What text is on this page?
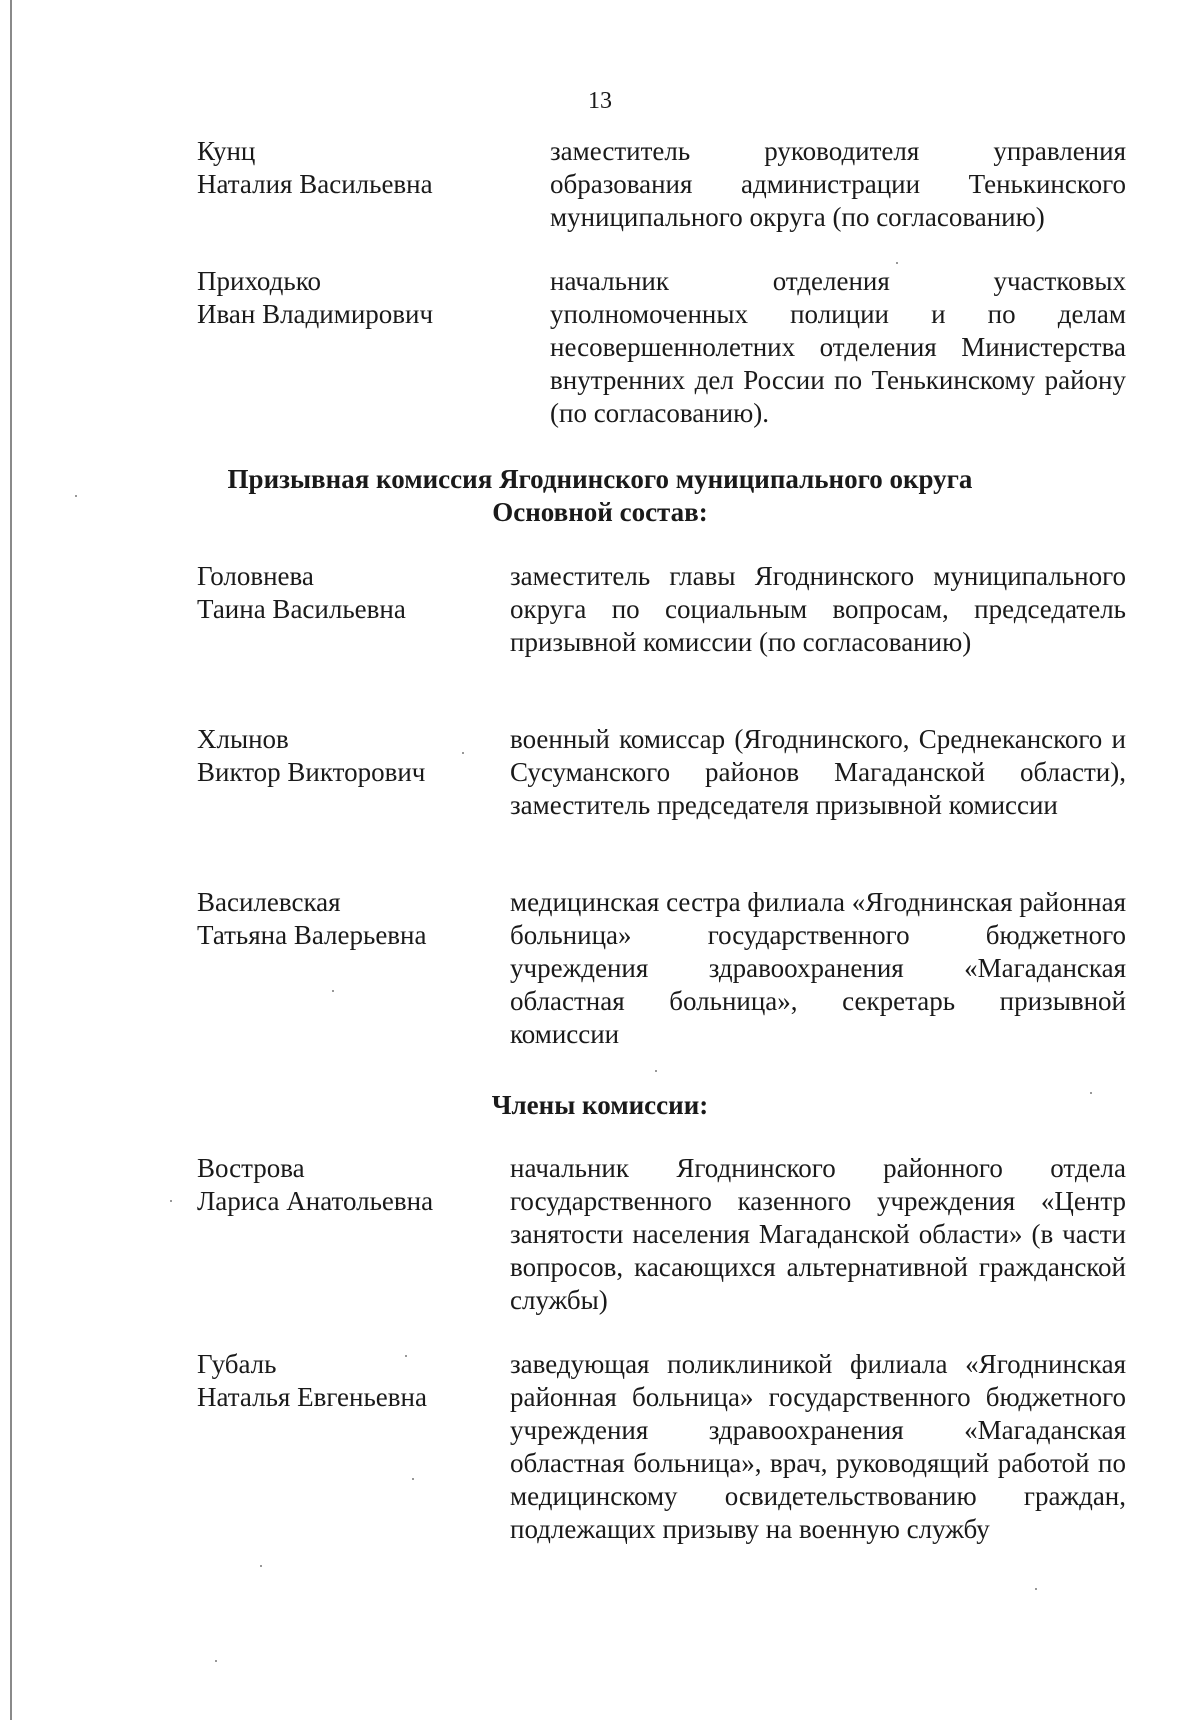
13
Кунц
Наталия Васильевна
заместитель руководителя управления образования администрации Тенькинского муниципального округа (по согласованию)
Приходько
Иван Владимирович
начальник отделения участковых уполномоченных полиции и по делам несовершеннолетних отделения Министерства внутренних дел России по Тенькинскому району (по согласованию).
Призывная комиссия Ягоднинского муниципального округа
Основной состав:
Головнева
Таина Васильевна
заместитель главы Ягоднинского муниципального округа по социальным вопросам, председатель призывной комиссии (по согласованию)
Хлынов
Виктор Викторович
военный комиссар (Ягоднинского, Среднеканского и Сусуманского районов Магаданской области), заместитель председателя призывной комиссии
Василевская
Татьяна Валерьевна
медицинская сестра филиала «Ягоднинская районная больница» государственного бюджетного учреждения здравоохранения «Магаданская областная больница», секретарь призывной комиссии
Члены комиссии:
Вострова
Лариса Анатольевна
начальник Ягоднинского районного отдела государственного казенного учреждения «Центр занятости населения Магаданской области» (в части вопросов, касающихся альтернативной гражданской службы)
Губаль
Наталья Евгеньевна
заведующая поликлиникой филиала «Ягоднинская районная больница» государственного бюджетного учреждения здравоохранения «Магаданская областная больница», врач, руководящий работой по медицинскому освидетельствованию граждан, подлежащих призыву на военную службу
